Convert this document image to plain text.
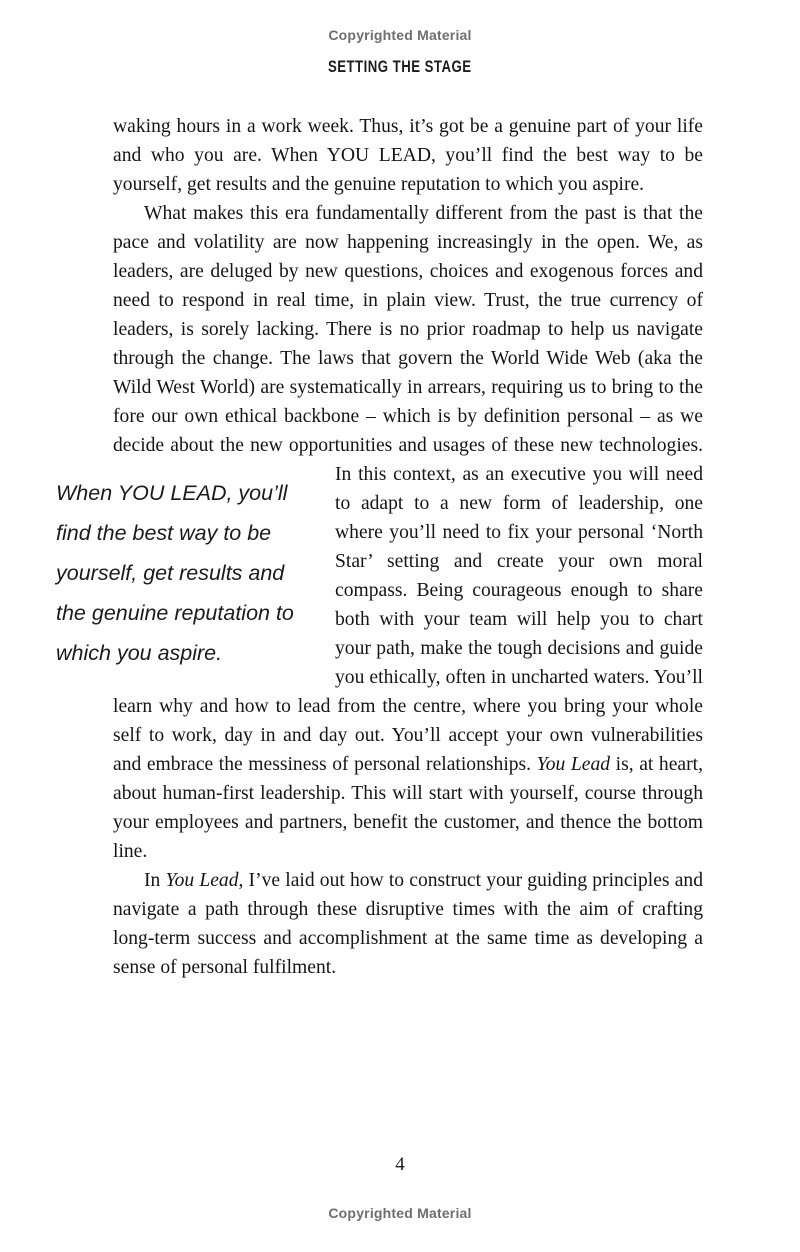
Copyrighted Material
SETTING THE STAGE

waking hours in a work week. Thus, it’s got be a genuine part of your life and who you are. When YOU LEAD, you’ll find the best way to be yourself, get results and the genuine reputation to which you aspire.

What makes this era fundamentally different from the past is that the pace and volatility are now happening increasingly in the open. We, as leaders, are deluged by new questions, choices and exogenous forces and need to respond in real time, in plain view. Trust, the true currency of leaders, is sorely lacking. There is no prior roadmap to help us navigate through the change. The laws that govern the World Wide Web (aka the Wild West World) are systematically in arrears, requiring us to bring to the fore our own ethical backbone – which is by definition personal – as we decide about the new opportunities and usages of these new
When YOU LEAD, you’ll find the best way to be yourself, get results and the genuine reputation to which you aspire.
technologies. In this context, as an executive you will need to adapt to a new form of leadership, one where you’ll need to fix your personal ‘North Star’ setting and create your own moral compass. Being courageous enough to share both with your team will help you to chart your path, make the tough decisions and guide you ethically, often in uncharted waters. You’ll learn why and how to lead from the centre, where you bring your whole self to work, day in and day out. You’ll accept your own vulnerabilities and embrace the messiness of personal relationships. You Lead is, at heart, about human-first leadership. This will start with yourself, course through your employees and partners, benefit the customer, and thence the bottom line.

In You Lead, I’ve laid out how to construct your guiding principles and navigate a path through these disruptive times with the aim of crafting long-term success and accomplishment at the same time as developing a sense of personal fulfilment.

4
Copyrighted Material
